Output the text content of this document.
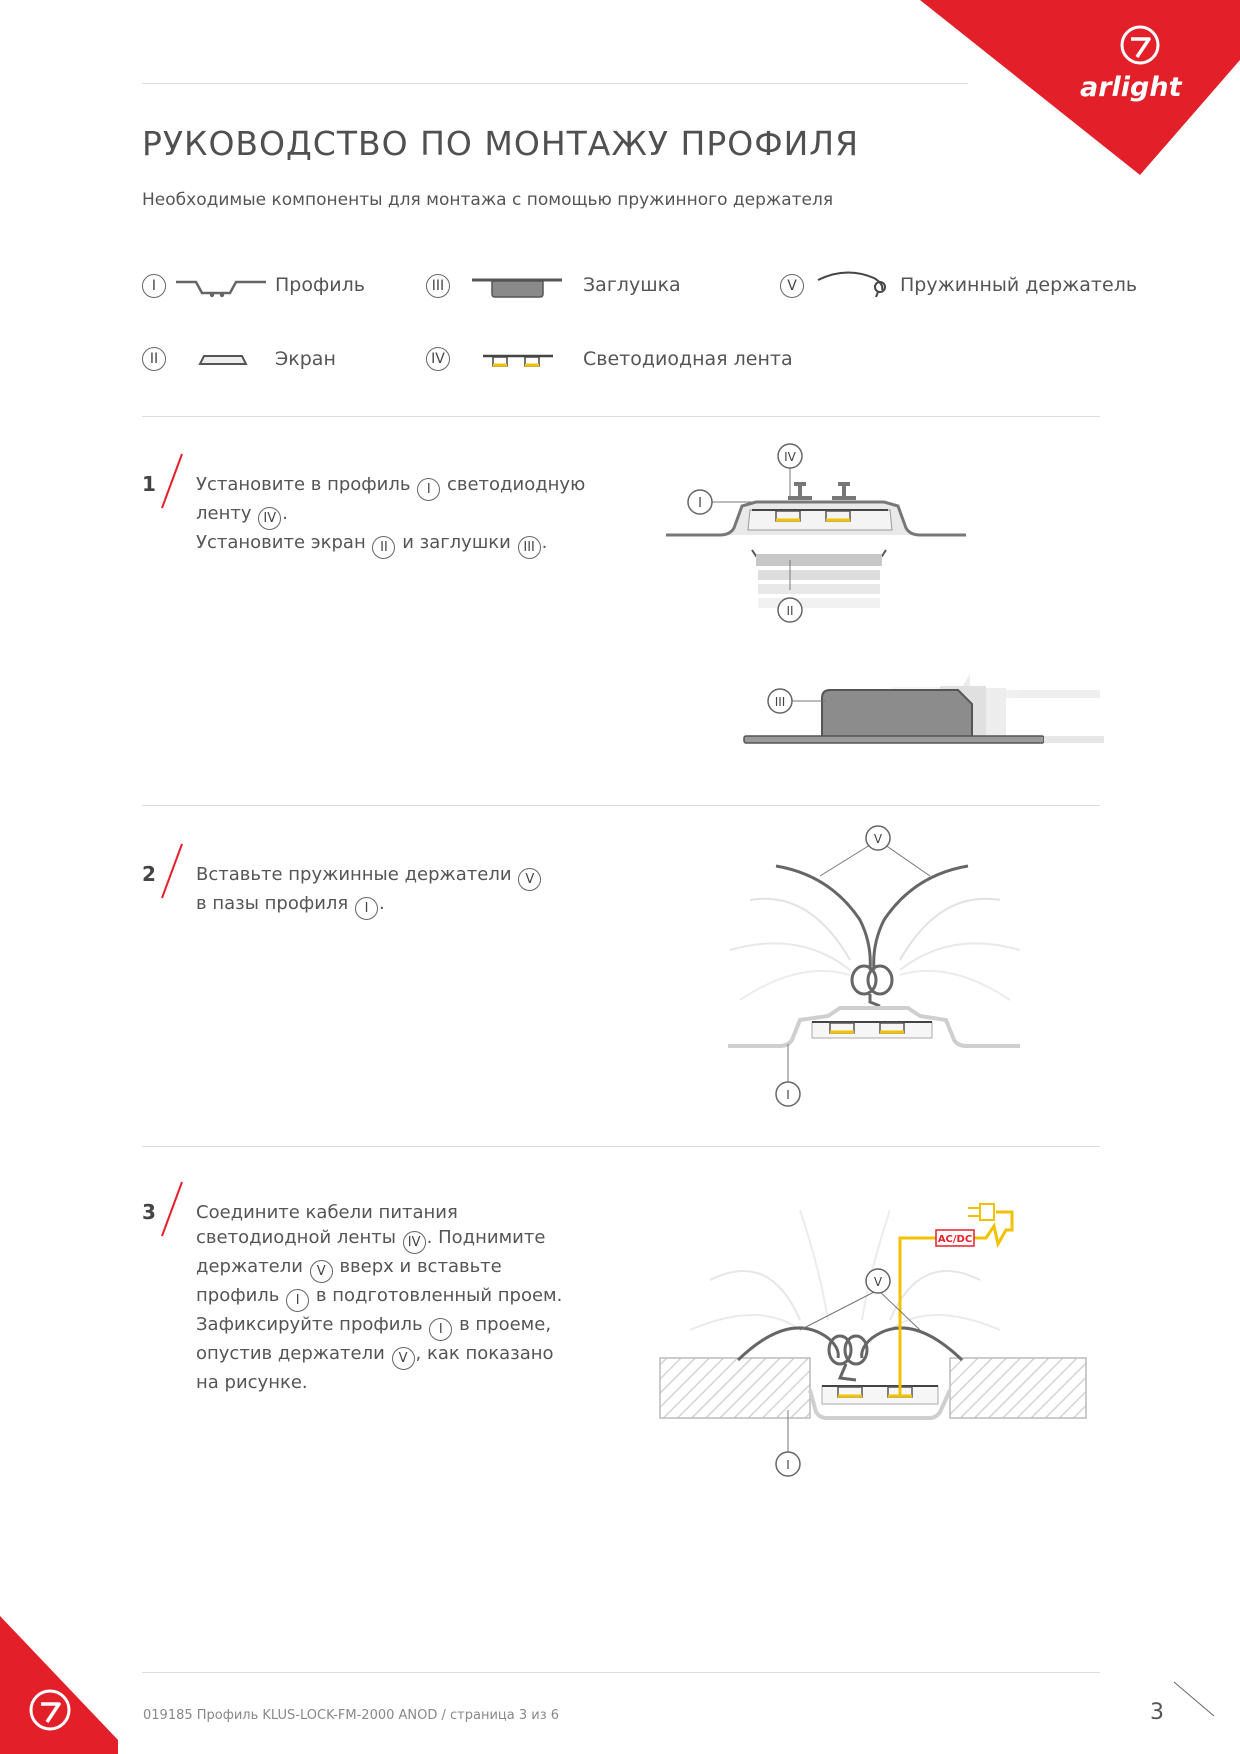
arlight
РУКОВОДСТВО ПО МОНТАЖУ ПРОФИЛЯ

Необходимые компоненты для монтажа с помощью пружинного держателя

I	Профиль
II	Экран
III	Заглушка
IV	Светодиодная лента
V	Пружинный держатель
1 Установите в профиль I светодиодную
ленту IV .
Установите экран II и заглушки III .
I
IV
II
III
2 Вставьте пружинные держатели V
в пазы профиля I .
V
I
3 Соедините кабели питания
светодиодной ленты IV . Поднимите
держатели V вверх и вставьте
профиль I в подготовленный проем.
Зафиксируйте профиль I в проеме,
опустив держатели V , как показано
на рисунке.
AC/DC
V
I
019185 Профиль KLUS-LOCK-FM-2000 ANOD / страница 3 из 6	3
